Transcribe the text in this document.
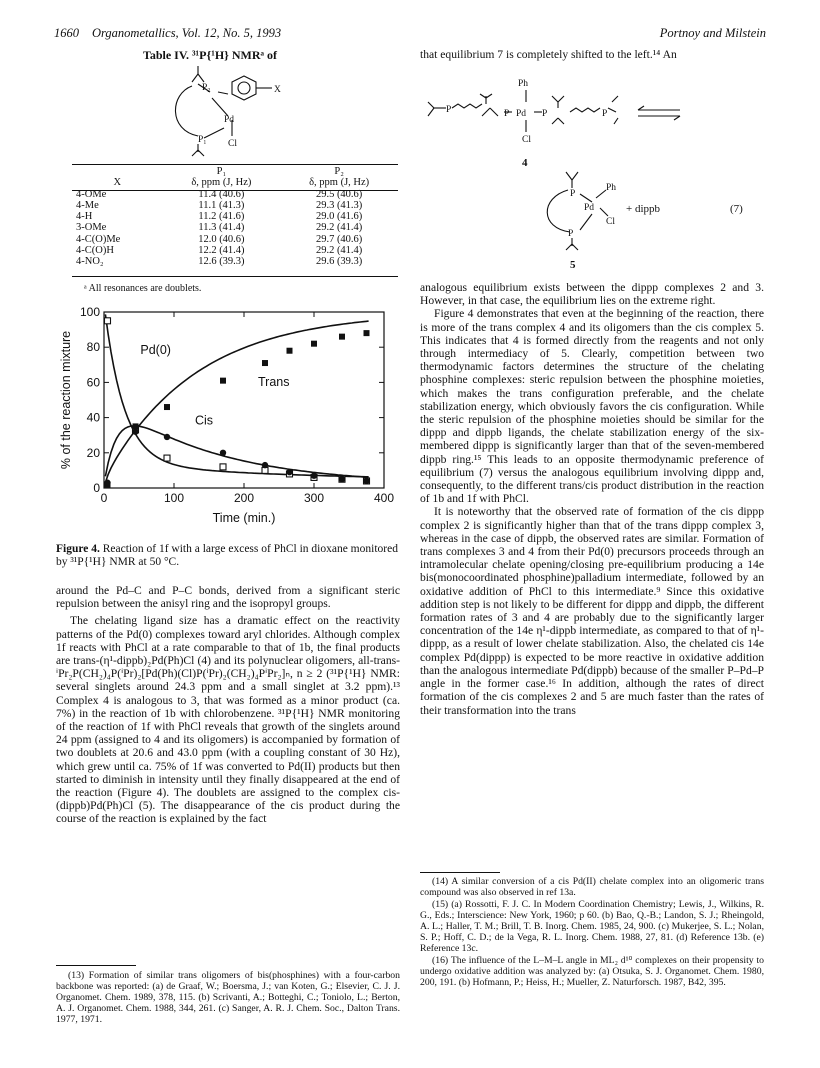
1660 Organometallics, Vol. 12, No. 5, 1993	Portnoy and Milstein
Table IV. ³¹P{¹H} NMRᵃ of
P₂
Pd
P₁ Cl
X
	P₁	P₂
X	δ, ppm (J, Hz)	δ, ppm (J, Hz)
4-OMe	11.4 (40.6)	29.5 (40.6)
4-Me	11.1 (41.3)	29.3 (41.3)
4-H	11.2 (41.6)	29.0 (41.6)
3-OMe	11.3 (41.4)	29.2 (41.4)
4-C(O)Me	12.0 (40.6)	29.7 (40.6)
4-C(O)H	12.2 (41.4)	29.2 (41.4)
4-NO₂	12.6 (39.3)	29.6 (39.3)
ᵃ All resonances are doublets.
0	100	200	300	400
0
20
40
60
80
100
Time (min.)
% of the reaction mixture	Pd(0)
Trans
Cis
Figure 4. Reaction of 1f with a large excess of PhCl in dioxane monitored by ³¹P{¹H} NMR at 50 °C.

around the Pd–C and P–C bonds, derived from a significant steric repulsion between the anisyl ring and the isopropyl groups.

The chelating ligand size has a dramatic effect on the reactivity patterns of the Pd(0) complexes toward aryl chlorides. Although complex 1f reacts with PhCl at a rate comparable to that of 1b, the final products are trans-(η¹-dippb)₂Pd(Ph)Cl (4) and its polynuclear oligomers, all-trans-ⁱPr₂P(CH₂)₄P(ⁱPr)₂[Pd(Ph)(Cl)P(ⁱPr)₂(CH₂)₄PⁱPr₂]ₙ, n ≥ 2 (³¹P{¹H} NMR: several singlets around 24.3 ppm and a small singlet at 3.2 ppm).¹³ Complex 4 is analogous to 3, that was formed as a minor product (ca. 7%) in the reaction of 1b with chlorobenzene. ³¹P{¹H} NMR monitoring of the reaction of 1f with PhCl reveals that growth of the singlets around 24 ppm (assigned to 4 and its oligomers) is accompanied by formation of two doublets at 20.6 and 43.0 ppm (with a coupling constant of 30 Hz), which grew until ca. 75% of 1f was converted to Pd(II) products but then started to diminish in intensity until they finally disappeared at the end of the reaction (Figure 4). The doublets are assigned to the complex cis-(dippb)Pd(Ph)Cl (5). The disappearance of the cis product during the course of the reaction is explained by the fact

(13) Formation of similar trans oligomers of bis(phosphines) with a four-carbon backbone was reported: (a) de Graaf, W.; Boersma, J.; van Koten, G.; Elsevier, C. J. J. Organomet. Chem. 1989, 378, 115. (b) Scrivanti, A.; Botteghi, C.; Toniolo, L.; Berton, A. J. Organomet. Chem. 1988, 344, 261. (c) Sanger, A. R. J. Chem. Soc., Dalton Trans. 1977, 1971.

that equilibrium 7 is completely shifted to the left.¹⁴ An

Ph
P	P Pd P	P
Cl
P
Pd
Ph
Cl
P
4
5
+ dippb	(7)

analogous equilibrium exists between the dippp complexes 2 and 3. However, in that case, the equilibrium lies on the extreme right.

Figure 4 demonstrates that even at the beginning of the reaction, there is more of the trans complex 4 and its oligomers than the cis complex 5. This indicates that 4 is formed directly from the reagents and not only through intermediacy of 5. Clearly, competition between two thermodynamic factors determines the structure of the chelating phosphine complexes: steric repulsion between the phosphine moieties, which makes the trans configuration preferable, and the chelate stabilization energy, which obviously favors the cis configuration. While the steric repulsion of the phosphine moieties should be similar for the dippp and dippb ligands, the chelate stabilization energy of the six-membered dippp is significantly larger than that of the seven-membered dippb ring.¹⁵ This leads to an opposite thermodynamic preference of equilibrium (7) versus the analogous equilibrium involving dippp and, consequently, to the different trans/cis product distribution in the reaction of 1b and 1f with PhCl.

It is noteworthy that the observed rate of formation of the cis dippp complex 2 is significantly higher than that of the trans dippp complex 3, whereas in the case of dippb, the observed rates are similar. Formation of trans complexes 3 and 4 from their Pd(0) precursors proceeds through an intramolecular chelate opening/closing pre-equilibrium producing a 14e bis(monocoordinated phosphine)palladium intermediate, followed by an oxidative addition of PhCl to this intermediate.⁹ Since this oxidative addition step is not likely to be different for dippp and dippb, the different formation rates of 3 and 4 are probably due to the significantly larger concentration of the 14e η¹-dippb intermediate, as compared to that of η¹-dippp, as a result of lower chelate stabilization. Also, the chelated cis 14e complex Pd(dippp) is expected to be more reactive in oxidative addition than the analogous intermediate Pd(dippb) because of the smaller P–Pd–P angle in the former case.¹⁶ In addition, although the rates of direct formation of the cis complexes 2 and 5 are much faster than the rates of their transformation into the trans

(14) A similar conversion of a cis Pd(II) chelate complex into an oligomeric trans compound was also observed in ref 13a.

(15) (a) Rossotti, F. J. C. In Modern Coordination Chemistry; Lewis, J., Wilkins, R. G., Eds.; Interscience: New York, 1960; p 60. (b) Bao, Q.-B.; Landon, S. J.; Rheingold, A. L.; Haller, T. M.; Brill, T. B. Inorg. Chem. 1985, 24, 900. (c) Mukerjee, S. L.; Nolan, S. P.; Hoff, C. D.; de la Vega, R. L. Inorg. Chem. 1988, 27, 81. (d) Reference 13b. (e) Reference 13c.

(16) The influence of the L–M–L angle in ML₂ d¹⁰ complexes on their propensity to undergo oxidative addition was analyzed by: (a) Otsuka, S. J. Organomet. Chem. 1980, 200, 191. (b) Hofmann, P.; Heiss, H.; Mueller, Z. Naturforsch. 1987, B42, 395.
